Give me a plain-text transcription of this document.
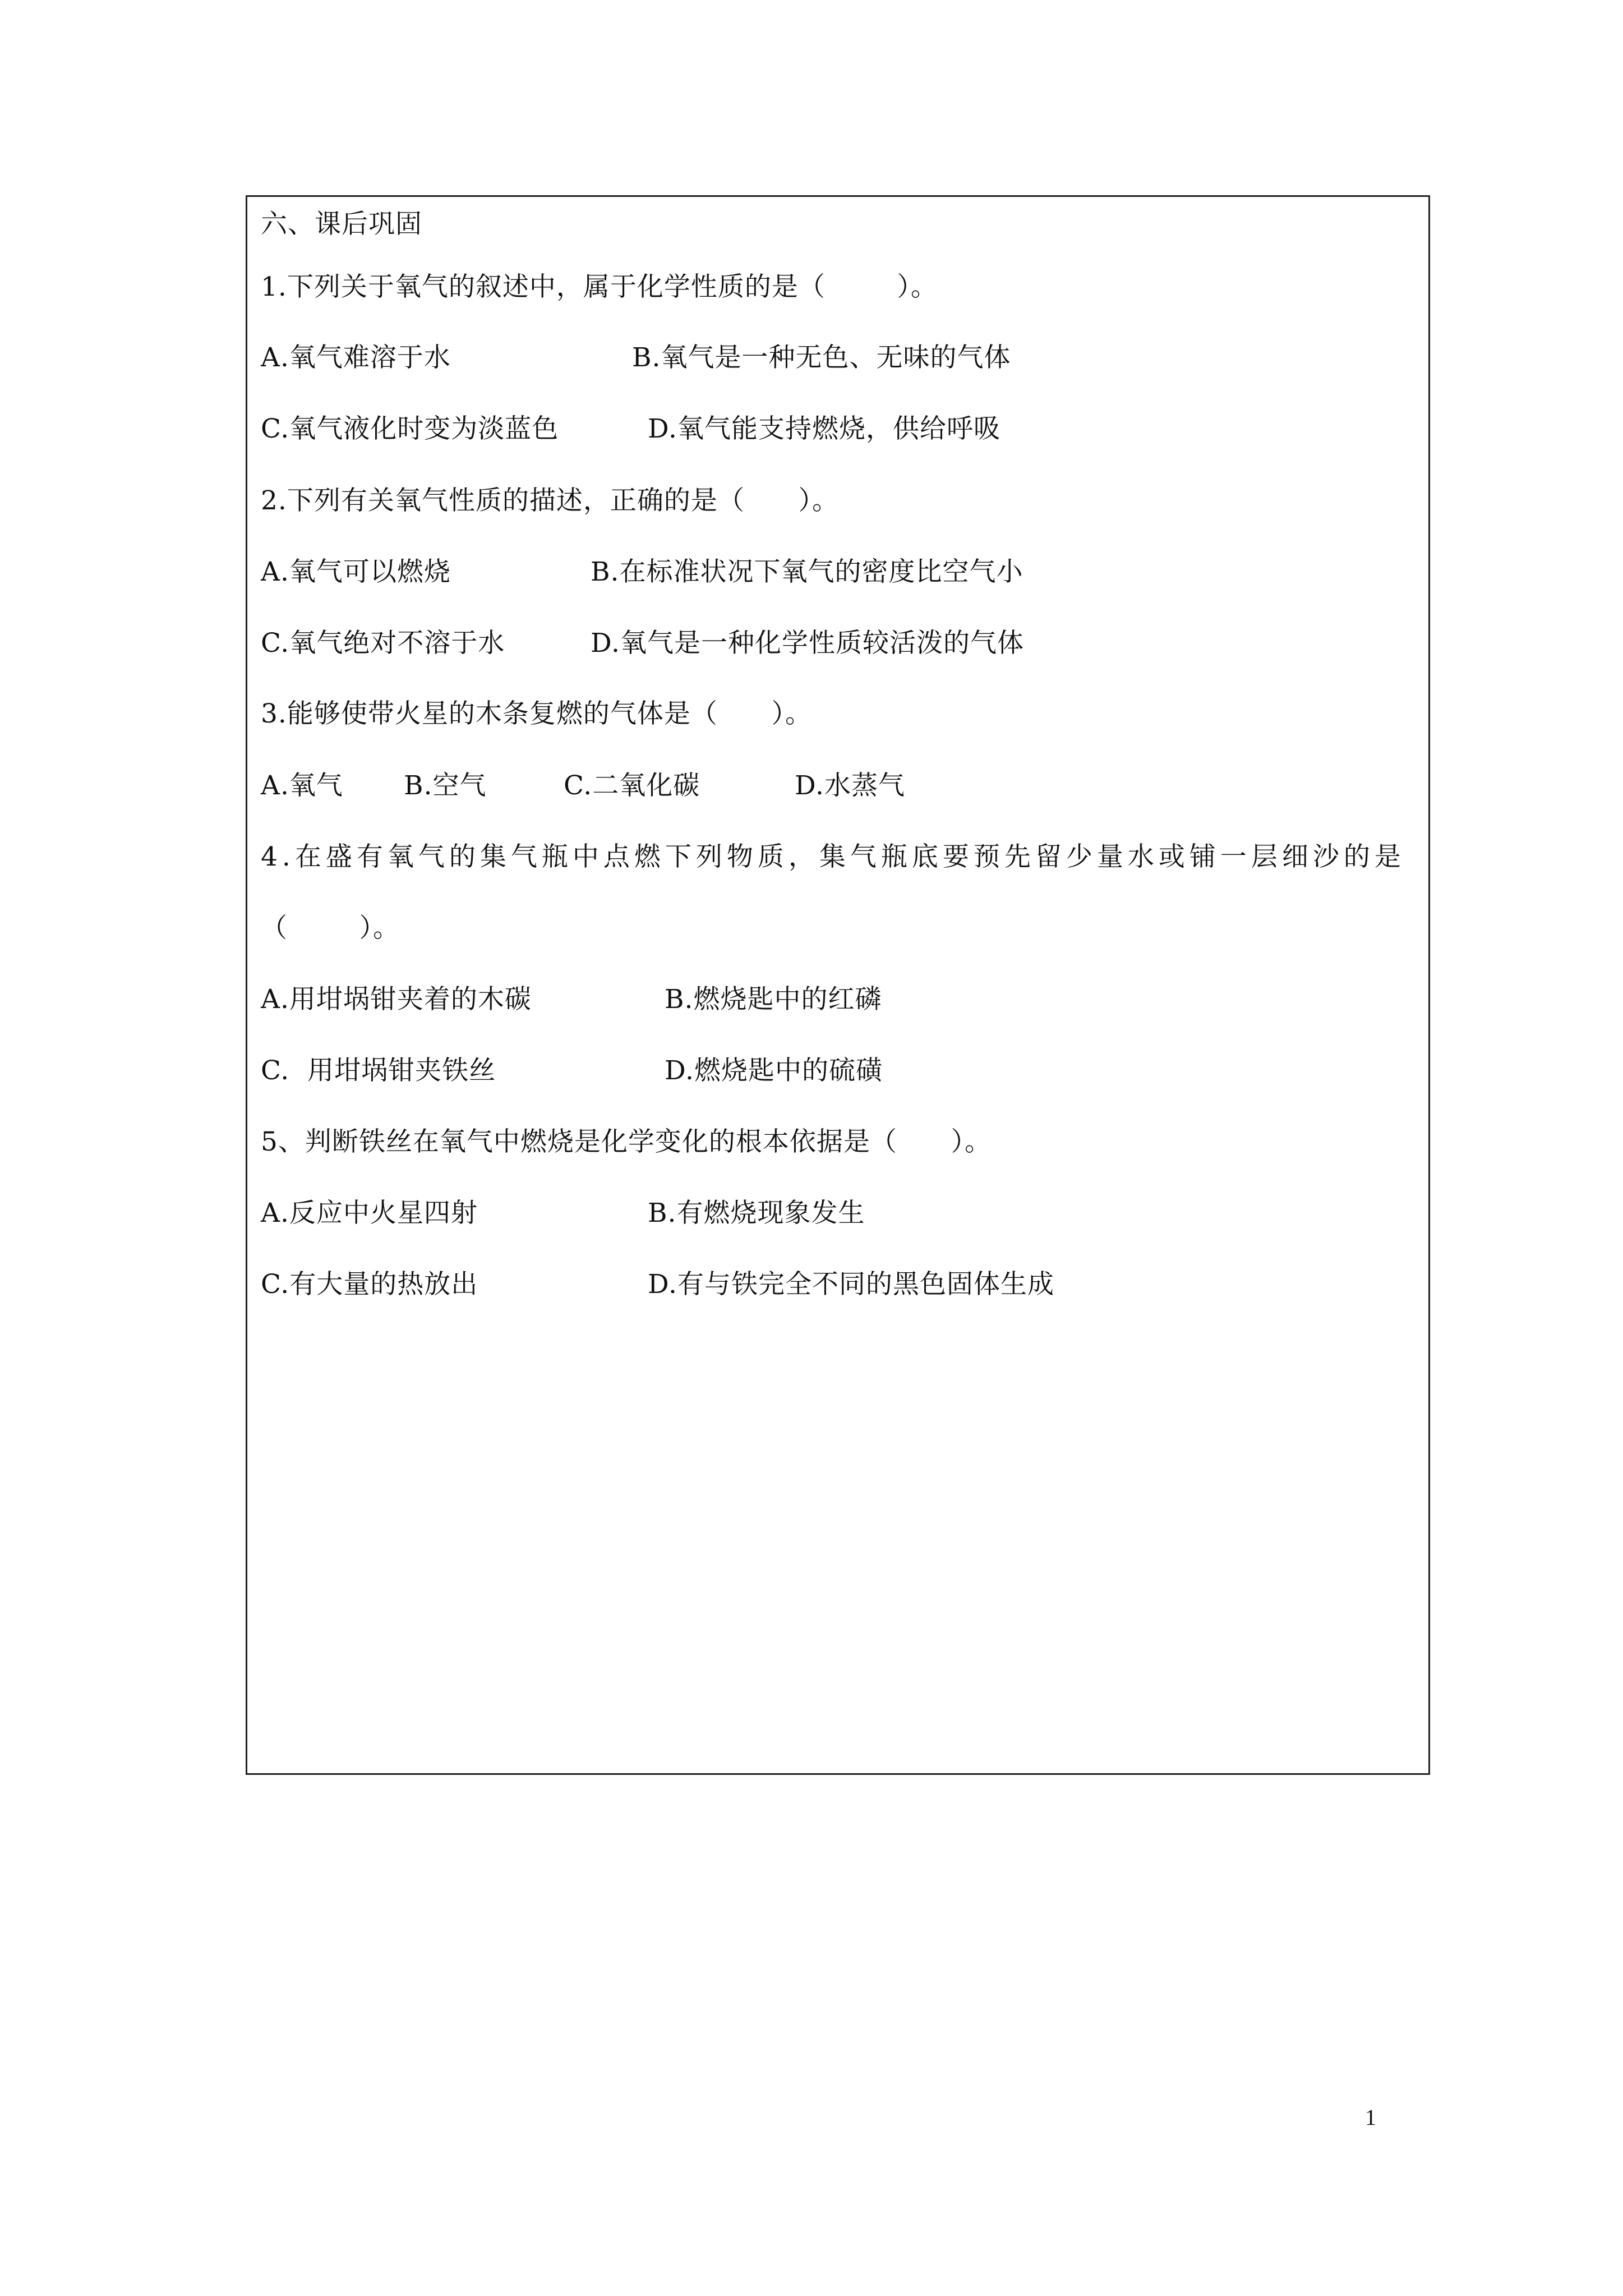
六、课后巩固
1.下列关于氧气的叙述中，属于化学性质的是（        ）。
A.氧气难溶于水	B.氧气是一种无色、无味的气体
C.氧气液化时变为淡蓝色	D.氧气能支持燃烧，供给呼吸
2.下列有关氧气性质的描述，正确的是（      ）。
A.氧气可以燃烧	B.在标准状况下氧气的密度比空气小
C.氧气绝对不溶于水	D.氧气是一种化学性质较活泼的气体
3.能够使带火星的木条复燃的气体是（      ）。
A.氧气 B.空气	C.二氧化碳	D.水蒸气
4.在盛有氧气的集气瓶中点燃下列物质，集气瓶底要预先留少量水或铺一层细沙的是
（        ）。
A.用坩埚钳夹着的木碳	B.燃烧匙中的红磷
C.  用坩埚钳夹铁丝	D.燃烧匙中的硫磺
5、判断铁丝在氧气中燃烧是化学变化的根本依据是（      ）。
A.反应中火星四射	B.有燃烧现象发生
C.有大量的热放出	D.有与铁完全不同的黑色固体生成
1
